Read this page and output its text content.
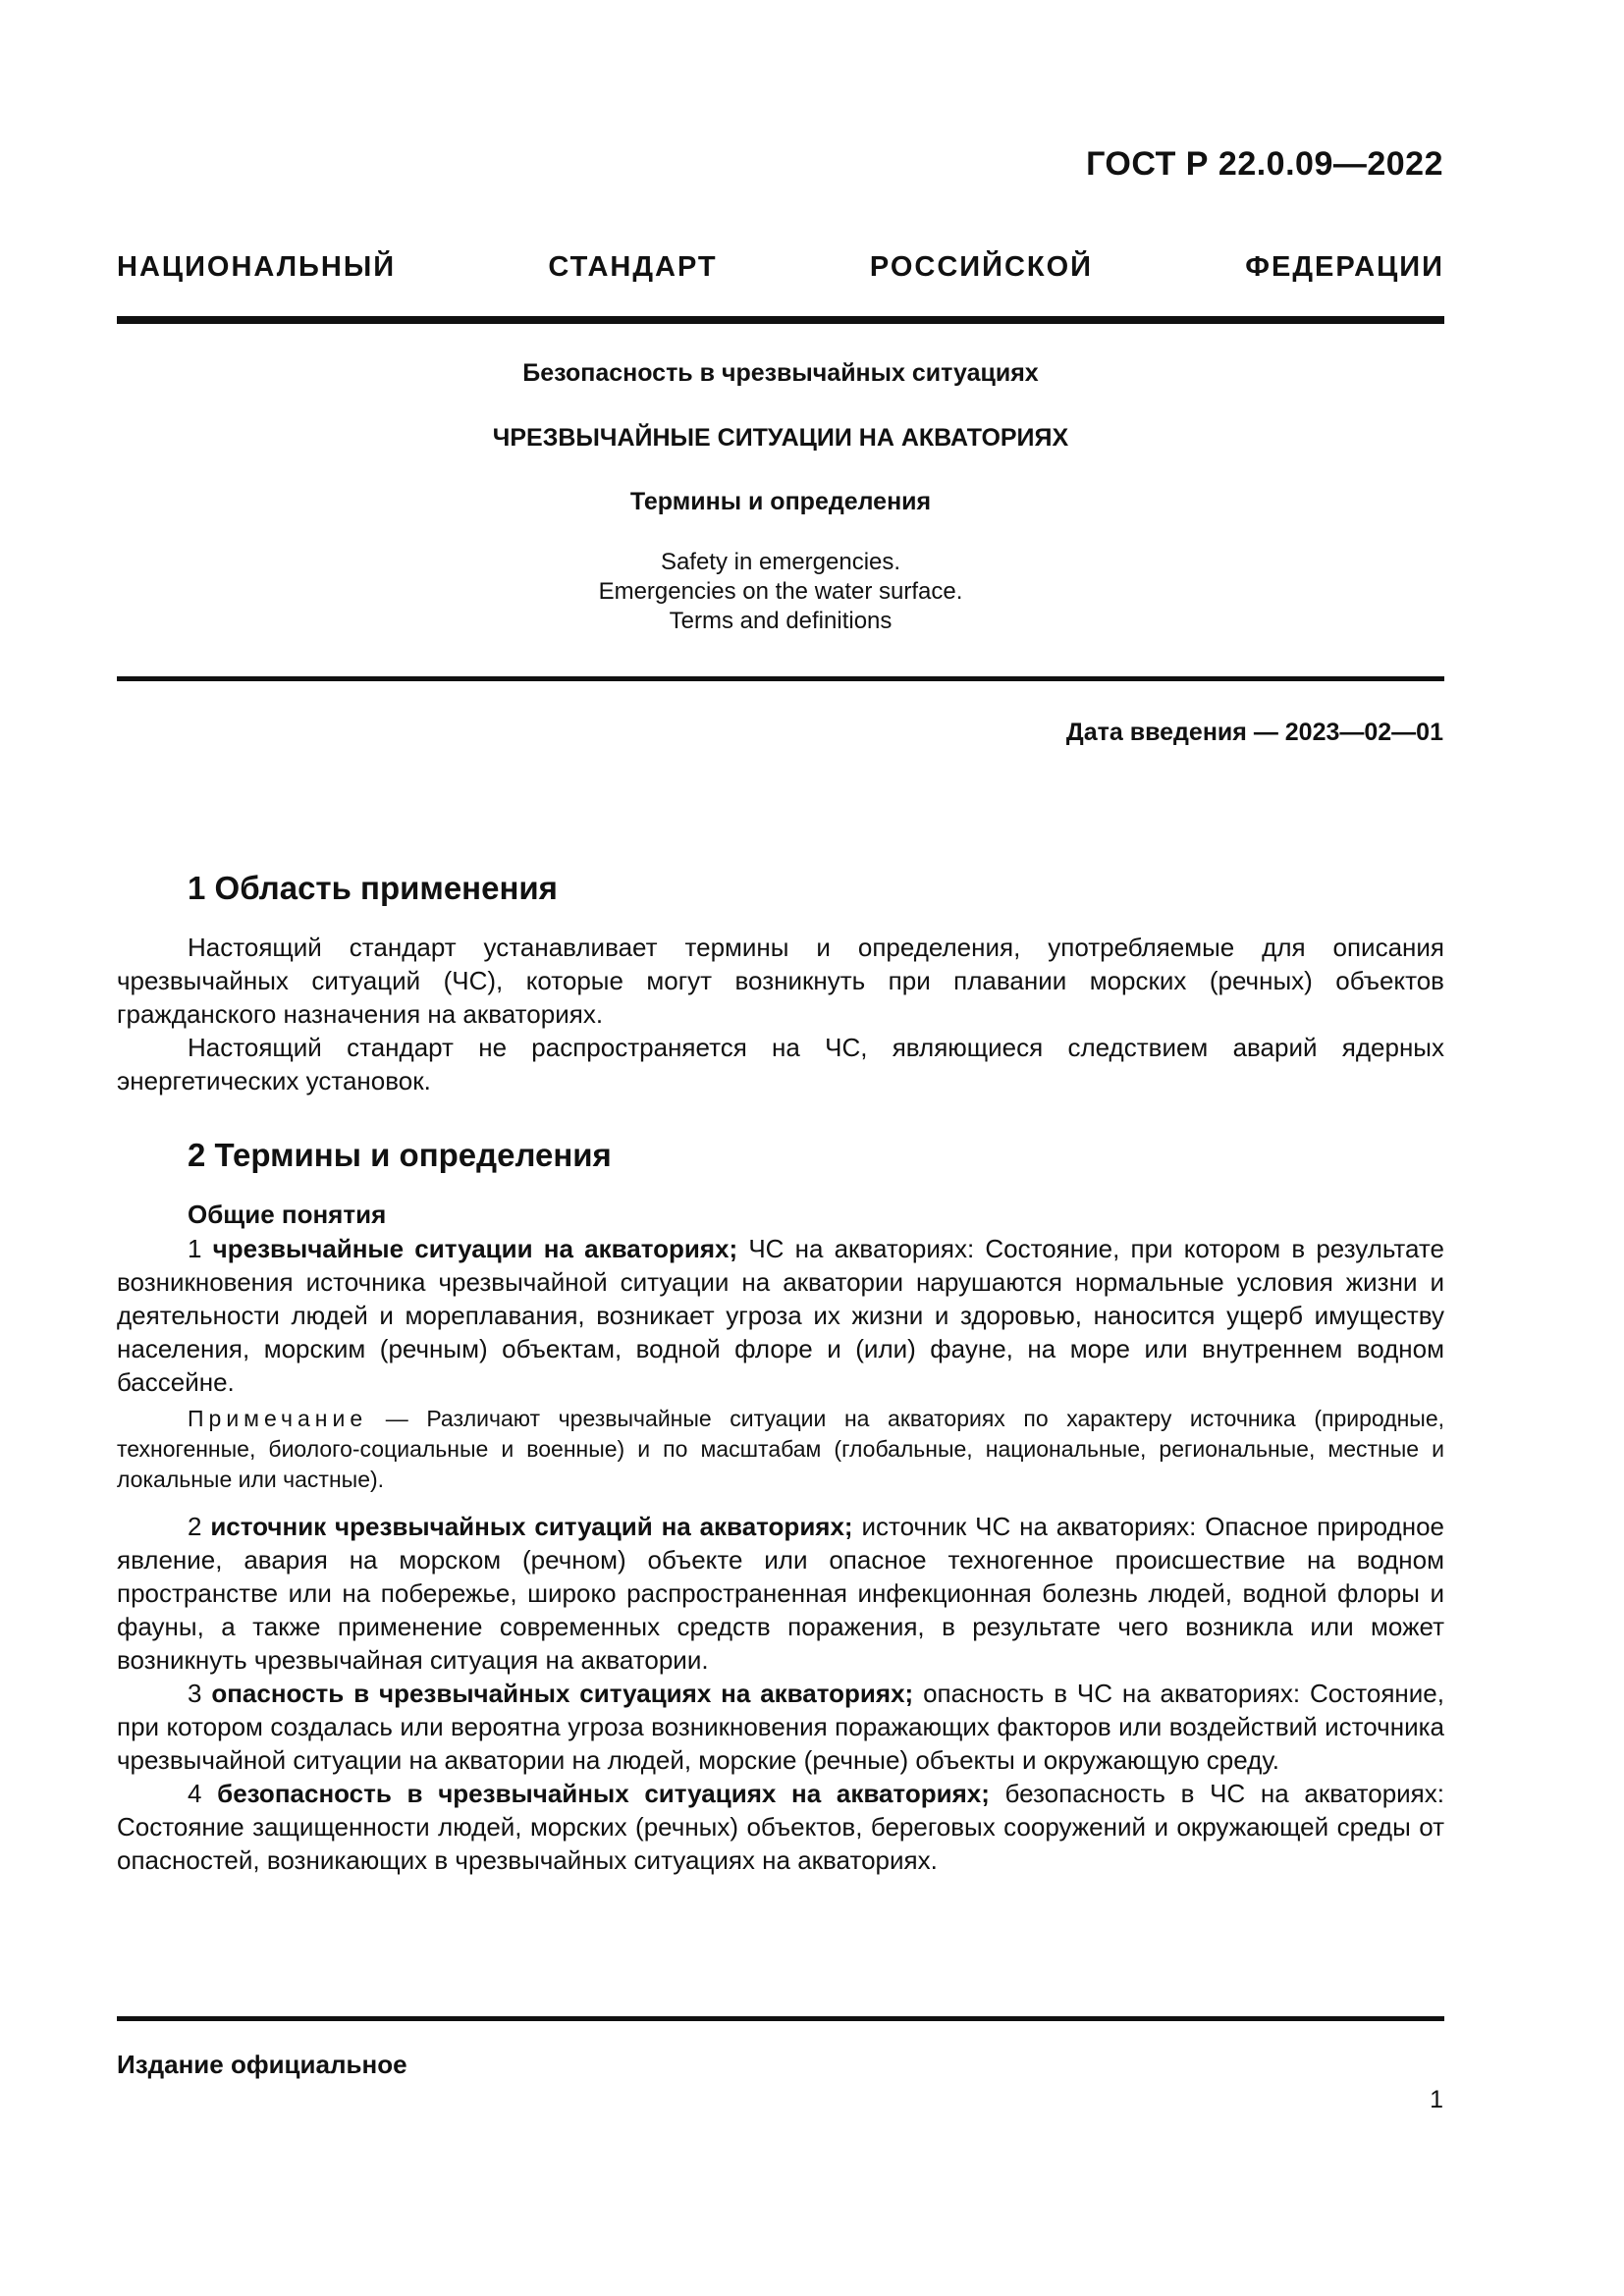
ГОСТ Р 22.0.09—2022
НАЦИОНАЛЬНЫЙ СТАНДАРТ РОССИЙСКОЙ ФЕДЕРАЦИИ
Безопасность в чрезвычайных ситуациях
ЧРЕЗВЫЧАЙНЫЕ СИТУАЦИИ НА АКВАТОРИЯХ
Термины и определения
Safety in emergencies.
Emergencies on the water surface.
Terms and definitions
Дата введения — 2023—02—01
1 Область применения

Настоящий стандарт устанавливает термины и определения, употребляемые для описания чрезвычайных ситуаций (ЧС), которые могут возникнуть при плавании морских (речных) объектов гражданского назначения на акваториях.

Настоящий стандарт не распространяется на ЧС, являющиеся следствием аварий ядерных энергетических установок.

2 Термины и определения
Общие понятия

1 чрезвычайные ситуации на акваториях; ЧС на акваториях: Состояние, при котором в результате возникновения источника чрезвычайной ситуации на акватории нарушаются нормальные условия жизни и деятельности людей и мореплавания, возникает угроза их жизни и здоровью, наносится ущерб имуществу населения, морским (речным) объектам, водной флоре и (или) фауне, на море или внутреннем водном бассейне.

Примечание — Различают чрезвычайные ситуации на акваториях по характеру источника (природные, техногенные, биолого-социальные и военные) и по масштабам (глобальные, национальные, региональные, местные и локальные или частные).

2 источник чрезвычайных ситуаций на акваториях; источник ЧС на акваториях: Опасное природное явление, авария на морском (речном) объекте или опасное техногенное происшествие на водном пространстве или на побережье, широко распространенная инфекционная болезнь людей, водной флоры и фауны, а также применение современных средств поражения, в результате чего возникла или может возникнуть чрезвычайная ситуация на акватории.

3 опасность в чрезвычайных ситуациях на акваториях; опасность в ЧС на акваториях: Состояние, при котором создалась или вероятна угроза возникновения поражающих факторов или воздействий источника чрезвычайной ситуации на акватории на людей, морские (речные) объекты и окружающую среду.

4 безопасность в чрезвычайных ситуациях на акваториях; безопасность в ЧС на акваториях: Состояние защищенности людей, морских (речных) объектов, береговых сооружений и окружающей среды от опасностей, возникающих в чрезвычайных ситуациях на акваториях.

Издание официальное
1
